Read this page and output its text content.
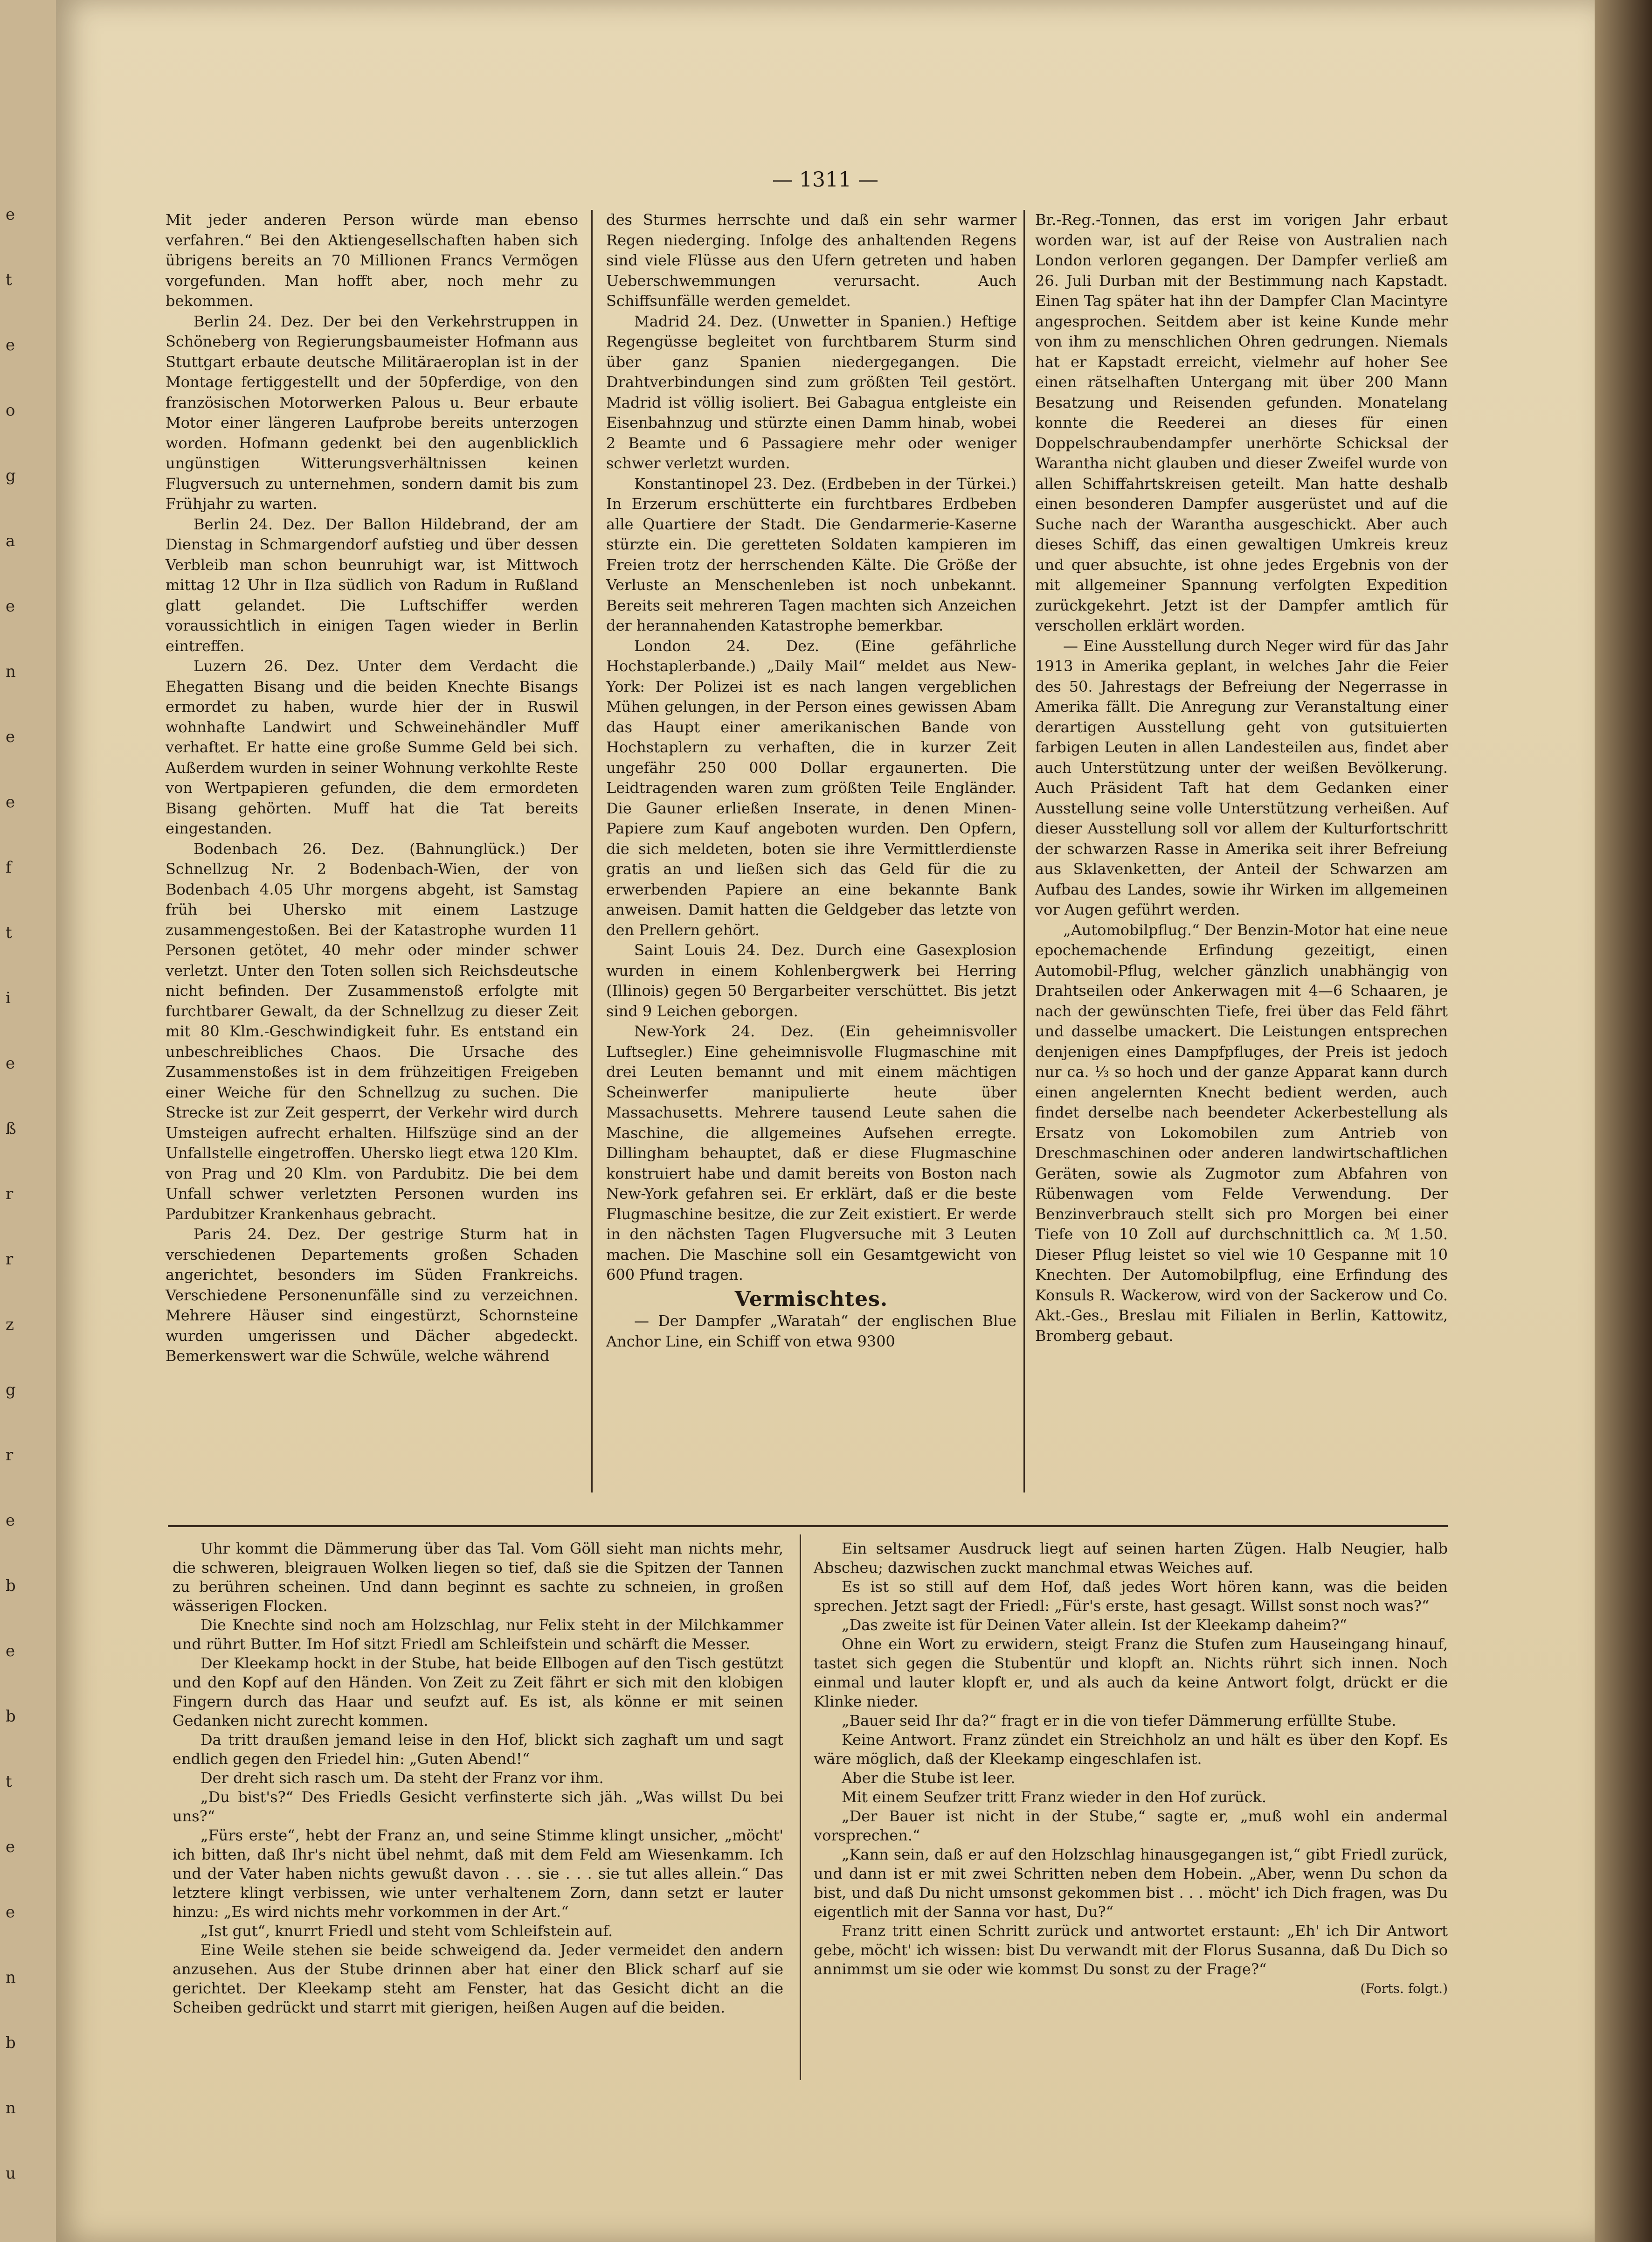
e
t
e
o
g
a
e
n
e
e
f
t
i
e
ß
r
r
z
g
r
e
b
e
b
t
e
e
n
b
n
u
— 1311 —

Mit jeder anderen Person würde man ebenso verfahren.“ Bei den Aktiengesellschaften haben sich übrigens bereits an 70 Millionen Francs Vermögen vorgefunden. Man hofft aber, noch mehr zu bekommen.

Berlin 24. Dez. Der bei den Verkehrstruppen in Schöneberg von Regierungsbaumeister Hofmann aus Stuttgart erbaute deutsche Militäraeroplan ist in der Montage fertiggestellt und der 50pferdige, von den französischen Motorwerken Palous u. Beur erbaute Motor einer längeren Laufprobe bereits unterzogen worden. Hofmann gedenkt bei den augenblicklich ungünstigen Witterungsverhältnissen keinen Flugversuch zu unternehmen, sondern damit bis zum Frühjahr zu warten.

Berlin 24. Dez. Der Ballon Hildebrand, der am Dienstag in Schmargendorf aufstieg und über dessen Verbleib man schon beunruhigt war, ist Mittwoch mittag 12 Uhr in Ilza südlich von Radum in Rußland glatt gelandet. Die Luftschiffer werden voraussichtlich in einigen Tagen wieder in Berlin eintreffen.

Luzern 26. Dez. Unter dem Verdacht die Ehegatten Bisang und die beiden Knechte Bisangs ermordet zu haben, wurde hier der in Ruswil wohnhafte Landwirt und Schweinehändler Muff verhaftet. Er hatte eine große Summe Geld bei sich. Außerdem wurden in seiner Wohnung verkohlte Reste von Wertpapieren gefunden, die dem ermordeten Bisang gehörten. Muff hat die Tat bereits eingestanden.

Bodenbach 26. Dez. (Bahnunglück.) Der Schnellzug Nr. 2 Bodenbach-Wien, der von Bodenbach 4.05 Uhr morgens abgeht, ist Samstag früh bei Uhersko mit einem Lastzuge zusammengestoßen. Bei der Katastrophe wurden 11 Personen getötet, 40 mehr oder minder schwer verletzt. Unter den Toten sollen sich Reichsdeutsche nicht befinden. Der Zusammenstoß erfolgte mit furchtbarer Gewalt, da der Schnellzug zu dieser Zeit mit 80 Klm.-Geschwindigkeit fuhr. Es entstand ein unbeschreibliches Chaos. Die Ursache des Zusammenstoßes ist in dem frühzeitigen Freigeben einer Weiche für den Schnellzug zu suchen. Die Strecke ist zur Zeit gesperrt, der Verkehr wird durch Umsteigen aufrecht erhalten. Hilfszüge sind an der Unfallstelle eingetroffen. Uhersko liegt etwa 120 Klm. von Prag und 20 Klm. von Pardubitz. Die bei dem Unfall schwer verletzten Personen wurden ins Pardubitzer Krankenhaus gebracht.

Paris 24. Dez. Der gestrige Sturm hat in verschiedenen Departements großen Schaden angerichtet, besonders im Süden Frankreichs. Verschiedene Personenunfälle sind zu verzeichnen. Mehrere Häuser sind eingestürzt, Schornsteine wurden umgerissen und Dächer abgedeckt. Bemerkenswert war die Schwüle, welche während

des Sturmes herrschte und daß ein sehr warmer Regen niederging. Infolge des anhaltenden Regens sind viele Flüsse aus den Ufern getreten und haben Ueberschwemmungen verursacht. Auch Schiffsunfälle werden gemeldet.

Madrid 24. Dez. (Unwetter in Spanien.) Heftige Regengüsse begleitet von furchtbarem Sturm sind über ganz Spanien niedergegangen. Die Drahtverbindungen sind zum größten Teil gestört. Madrid ist völlig isoliert. Bei Gabagua entgleiste ein Eisenbahnzug und stürzte einen Damm hinab, wobei 2 Beamte und 6 Passagiere mehr oder weniger schwer verletzt wurden.

Konstantinopel 23. Dez. (Erdbeben in der Türkei.) In Erzerum erschütterte ein furchtbares Erdbeben alle Quartiere der Stadt. Die Gendarmerie-Kaserne stürzte ein. Die geretteten Soldaten kampieren im Freien trotz der herrschenden Kälte. Die Größe der Verluste an Menschenleben ist noch unbekannt. Bereits seit mehreren Tagen machten sich Anzeichen der herannahenden Katastrophe bemerkbar.

London 24. Dez. (Eine gefährliche Hochstaplerbande.) „Daily Mail“ meldet aus New-York: Der Polizei ist es nach langen vergeblichen Mühen gelungen, in der Person eines gewissen Abam das Haupt einer amerikanischen Bande von Hochstaplern zu verhaften, die in kurzer Zeit ungefähr 250 000 Dollar ergaunerten. Die Leidtragenden waren zum größten Teile Engländer. Die Gauner erließen Inserate, in denen Minen-Papiere zum Kauf angeboten wurden. Den Opfern, die sich meldeten, boten sie ihre Vermittlerdienste gratis an und ließen sich das Geld für die zu erwerbenden Papiere an eine bekannte Bank anweisen. Damit hatten die Geldgeber das letzte von den Prellern gehört.

Saint Louis 24. Dez. Durch eine Gasexplosion wurden in einem Kohlenbergwerk bei Herring (Illinois) gegen 50 Bergarbeiter verschüttet. Bis jetzt sind 9 Leichen geborgen.

New-York 24. Dez. (Ein geheimnisvoller Luftsegler.) Eine geheimnisvolle Flugmaschine mit drei Leuten bemannt und mit einem mächtigen Scheinwerfer manipulierte heute über Massachusetts. Mehrere tausend Leute sahen die Maschine, die allgemeines Aufsehen erregte. Dillingham behauptet, daß er diese Flugmaschine konstruiert habe und damit bereits von Boston nach New-York gefahren sei. Er erklärt, daß er die beste Flugmaschine besitze, die zur Zeit existiert. Er werde in den nächsten Tagen Flugversuche mit 3 Leuten machen. Die Maschine soll ein Gesamtgewicht von 600 Pfund tragen.

Vermischtes.

— Der Dampfer „Waratah“ der englischen Blue Anchor Line, ein Schiff von etwa 9300

Br.-Reg.-Tonnen, das erst im vorigen Jahr erbaut worden war, ist auf der Reise von Australien nach London verloren gegangen. Der Dampfer verließ am 26. Juli Durban mit der Bestimmung nach Kapstadt. Einen Tag später hat ihn der Dampfer Clan Macintyre angesprochen. Seitdem aber ist keine Kunde mehr von ihm zu menschlichen Ohren gedrungen. Niemals hat er Kapstadt erreicht, vielmehr auf hoher See einen rätselhaften Untergang mit über 200 Mann Besatzung und Reisenden gefunden. Monatelang konnte die Reederei an dieses für einen Doppelschraubendampfer unerhörte Schicksal der Warantha nicht glauben und dieser Zweifel wurde von allen Schiffahrtskreisen geteilt. Man hatte deshalb einen besonderen Dampfer ausgerüstet und auf die Suche nach der Warantha ausgeschickt. Aber auch dieses Schiff, das einen gewaltigen Umkreis kreuz und quer absuchte, ist ohne jedes Ergebnis von der mit allgemeiner Spannung verfolgten Expedition zurückgekehrt. Jetzt ist der Dampfer amtlich für verschollen erklärt worden.

— Eine Ausstellung durch Neger wird für das Jahr 1913 in Amerika geplant, in welches Jahr die Feier des 50. Jahrestags der Befreiung der Negerrasse in Amerika fällt. Die Anregung zur Veranstaltung einer derartigen Ausstellung geht von gutsituierten farbigen Leuten in allen Landesteilen aus, findet aber auch Unterstützung unter der weißen Bevölkerung. Auch Präsident Taft hat dem Gedanken einer Ausstellung seine volle Unterstützung verheißen. Auf dieser Ausstellung soll vor allem der Kulturfortschritt der schwarzen Rasse in Amerika seit ihrer Befreiung aus Sklavenketten, der Anteil der Schwarzen am Aufbau des Landes, sowie ihr Wirken im allgemeinen vor Augen geführt werden.

„Automobilpflug.“ Der Benzin-Motor hat eine neue epochemachende Erfindung gezeitigt, einen Automobil-Pflug, welcher gänzlich unabhängig von Drahtseilen oder Ankerwagen mit 4—6 Schaaren, je nach der gewünschten Tiefe, frei über das Feld fährt und dasselbe umackert. Die Leistungen entsprechen denjenigen eines Dampfpfluges, der Preis ist jedoch nur ca. ⅓ so hoch und der ganze Apparat kann durch einen angelernten Knecht bedient werden, auch findet derselbe nach beendeter Ackerbestellung als Ersatz von Lokomobilen zum Antrieb von Dreschmaschinen oder anderen landwirtschaftlichen Geräten, sowie als Zugmotor zum Abfahren von Rübenwagen vom Felde Verwendung. Der Benzinverbrauch stellt sich pro Morgen bei einer Tiefe von 10 Zoll auf durchschnittlich ca. ℳ 1.50. Dieser Pflug leistet so viel wie 10 Gespanne mit 10 Knechten. Der Automobilpflug, eine Erfindung des Konsuls R. Wackerow, wird von der Sackerow und Co. Akt.-Ges., Breslau mit Filialen in Berlin, Kattowitz, Bromberg gebaut.

Uhr kommt die Dämmerung über das Tal. Vom Göll sieht man nichts mehr, die schweren, bleigrauen Wolken liegen so tief, daß sie die Spitzen der Tannen zu berühren scheinen. Und dann beginnt es sachte zu schneien, in großen wässerigen Flocken.

Die Knechte sind noch am Holzschlag, nur Felix steht in der Milchkammer und rührt Butter. Im Hof sitzt Friedl am Schleifstein und schärft die Messer.

Der Kleekamp hockt in der Stube, hat beide Ellbogen auf den Tisch gestützt und den Kopf auf den Händen. Von Zeit zu Zeit fährt er sich mit den klobigen Fingern durch das Haar und seufzt auf. Es ist, als könne er mit seinen Gedanken nicht zurecht kommen.

Da tritt draußen jemand leise in den Hof, blickt sich zaghaft um und sagt endlich gegen den Friedel hin: „Guten Abend!“

Der dreht sich rasch um. Da steht der Franz vor ihm.

„Du bist's?“ Des Friedls Gesicht verfinsterte sich jäh. „Was willst Du bei uns?“

„Fürs erste“, hebt der Franz an, und seine Stimme klingt unsicher, „möcht' ich bitten, daß Ihr's nicht übel nehmt, daß mit dem Feld am Wiesenkamm. Ich und der Vater haben nichts gewußt davon . . . sie . . . sie tut alles allein.“ Das letztere klingt verbissen, wie unter verhaltenem Zorn, dann setzt er lauter hinzu: „Es wird nichts mehr vorkommen in der Art.“

„Ist gut“, knurrt Friedl und steht vom Schleifstein auf.

Eine Weile stehen sie beide schweigend da. Jeder vermeidet den andern anzusehen. Aus der Stube drinnen aber hat einer den Blick scharf auf sie gerichtet. Der Kleekamp steht am Fenster, hat das Gesicht dicht an die Scheiben gedrückt und starrt mit gierigen, heißen Augen auf die beiden.

Ein seltsamer Ausdruck liegt auf seinen harten Zügen. Halb Neugier, halb Abscheu; dazwischen zuckt manchmal etwas Weiches auf.

Es ist so still auf dem Hof, daß jedes Wort hören kann, was die beiden sprechen. Jetzt sagt der Friedl: „Für's erste, hast gesagt. Willst sonst noch was?“

„Das zweite ist für Deinen Vater allein. Ist der Kleekamp daheim?“

Ohne ein Wort zu erwidern, steigt Franz die Stufen zum Hauseingang hinauf, tastet sich gegen die Stubentür und klopft an. Nichts rührt sich innen. Noch einmal und lauter klopft er, und als auch da keine Antwort folgt, drückt er die Klinke nieder.

„Bauer seid Ihr da?“ fragt er in die von tiefer Dämmerung erfüllte Stube.

Keine Antwort. Franz zündet ein Streichholz an und hält es über den Kopf. Es wäre möglich, daß der Kleekamp eingeschlafen ist.

Aber die Stube ist leer.

Mit einem Seufzer tritt Franz wieder in den Hof zurück.

„Der Bauer ist nicht in der Stube,“ sagte er, „muß wohl ein andermal vorsprechen.“

„Kann sein, daß er auf den Holzschlag hinausgegangen ist,“ gibt Friedl zurück, und dann ist er mit zwei Schritten neben dem Hobein. „Aber, wenn Du schon da bist, und daß Du nicht umsonst gekommen bist . . . möcht' ich Dich fragen, was Du eigentlich mit der Sanna vor hast, Du?“

Franz tritt einen Schritt zurück und antwortet erstaunt: „Eh' ich Dir Antwort gebe, möcht' ich wissen: bist Du verwandt mit der Florus Susanna, daß Du Dich so annimmst um sie oder wie kommst Du sonst zu der Frage?“

(Forts. folgt.)
